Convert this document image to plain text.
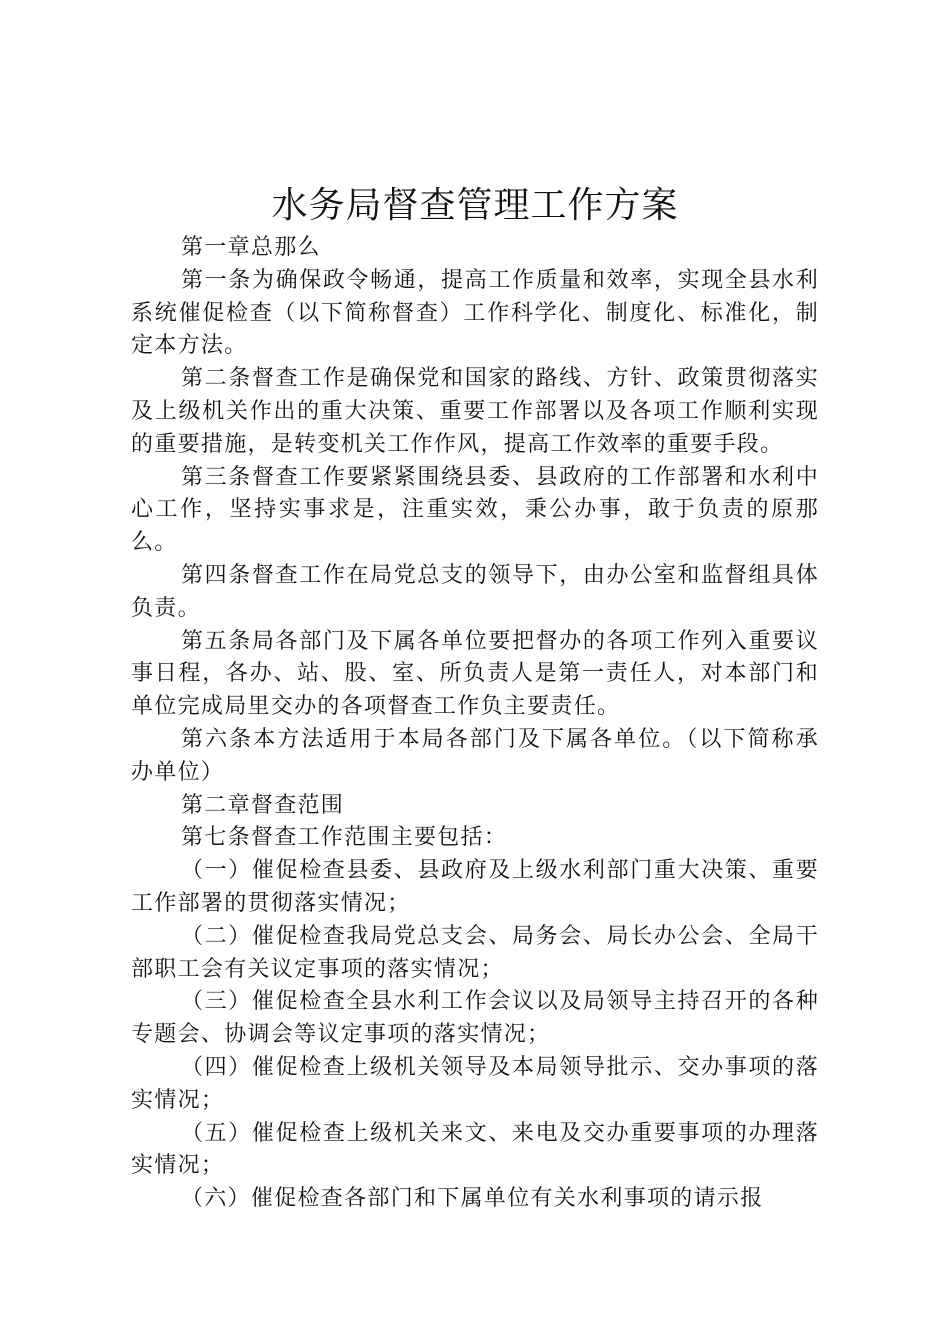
水务局督查管理工作方案

第一章总那么

第一条为确保政令畅通，提高工作质量和效率，实现全县水利系统催促检查（以下简称督查）工作科学化、制度化、标准化，制定本方法。

第二条督查工作是确保党和国家的路线、方针、政策贯彻落实及上级机关作出的重大决策、重要工作部署以及各项工作顺利实现的重要措施，是转变机关工作作风，提高工作效率的重要手段。

第三条督查工作要紧紧围绕县委、县政府的工作部署和水利中心工作，坚持实事求是，注重实效，秉公办事，敢于负责的原那么。

第四条督查工作在局党总支的领导下，由办公室和监督组具体负责。

第五条局各部门及下属各单位要把督办的各项工作列入重要议事日程，各办、站、股、室、所负责人是第一责任人，对本部门和单位完成局里交办的各项督查工作负主要责任。

第六条本方法适用于本局各部门及下属各单位。（以下简称承办单位）

第二章督查范围

第七条督查工作范围主要包括：

（一）催促检查县委、县政府及上级水利部门重大决策、重要工作部署的贯彻落实情况；

（二）催促检查我局党总支会、局务会、局长办公会、全局干部职工会有关议定事项的落实情况；

（三）催促检查全县水利工作会议以及局领导主持召开的各种专题会、协调会等议定事项的落实情况；

（四）催促检查上级机关领导及本局领导批示、交办事项的落实情况；

（五）催促检查上级机关来文、来电及交办重要事项的办理落实情况；

（六）催促检查各部门和下属单位有关水利事项的请示报
